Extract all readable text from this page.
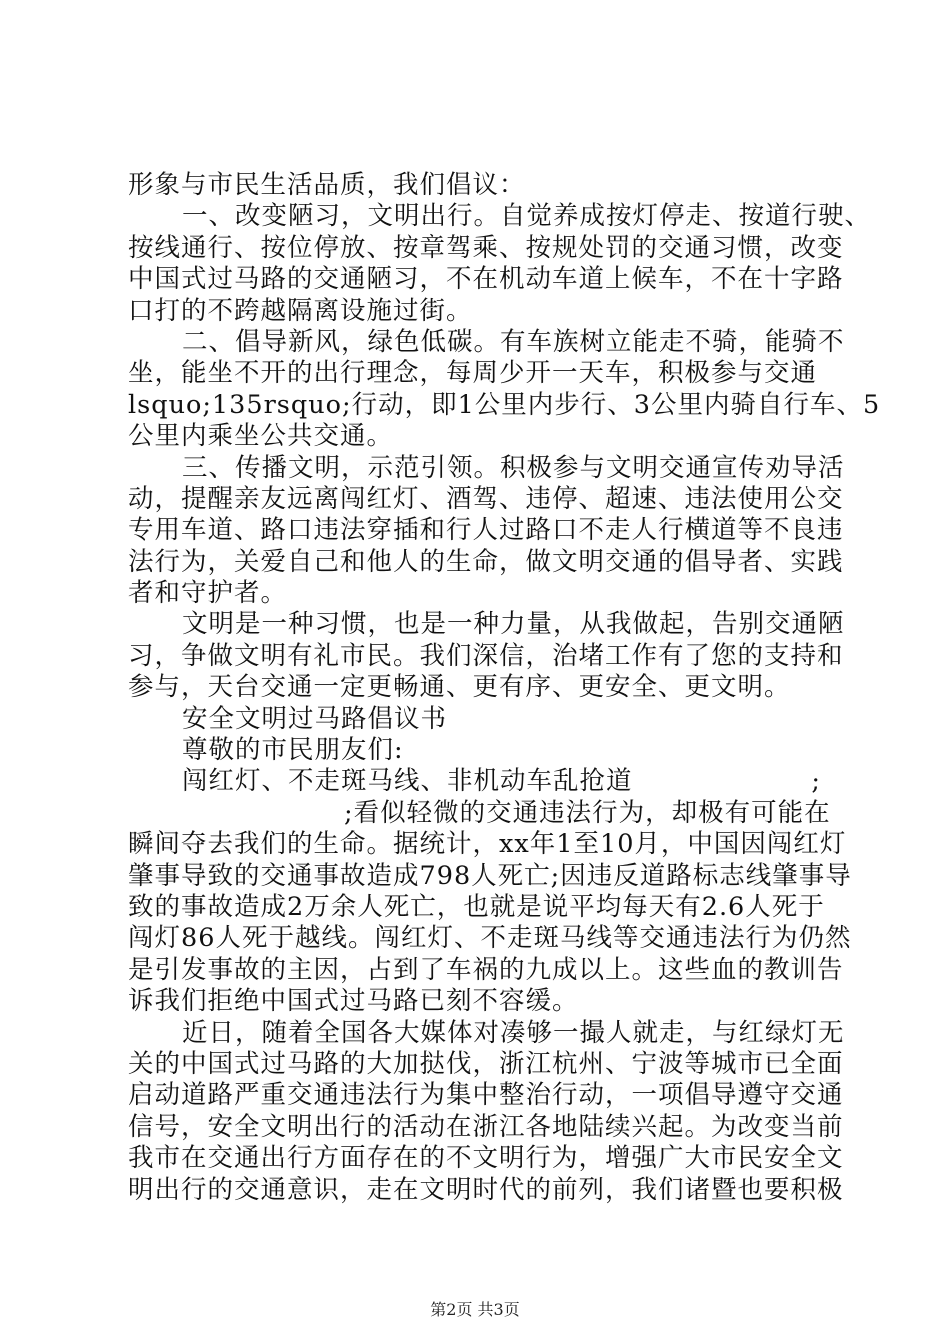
形象与市民生活品质，我们倡议：
一、改变陋习，文明出行。自觉养成按灯停走、按道行驶、
按线通行、按位停放、按章驾乘、按规处罚的交通习惯，改变
中国式过马路的交通陋习，不在机动车道上候车，不在十字路
口打的不跨越隔离设施过街。
二、倡导新风，绿色低碳。有车族树立能走不骑，能骑不
坐，能坐不开的出行理念，每周少开一天车，积极参与交通
lsquo;135rsquo;行动，即1公里内步行、3公里内骑自行车、5
公里内乘坐公共交通。
三、传播文明，示范引领。积极参与文明交通宣传劝导活
动，提醒亲友远离闯红灯、酒驾、违停、超速、违法使用公交
专用车道、路口违法穿插和行人过路口不走人行横道等不良违
法行为，关爱自己和他人的生命，做文明交通的倡导者、实践
者和守护者。
文明是一种习惯，也是一种力量，从我做起，告别交通陋
习，争做文明有礼市民。我们深信，治堵工作有了您的支持和
参与，天台交通一定更畅通、更有序、更安全、更文明。
安全文明过马路倡议书
尊敬的市民朋友们:
闯红灯、不走斑马线、非机动车乱抢道	;
;看似轻微的交通违法行为，却极有可能在
瞬间夺去我们的生命。据统计，xx年1至10月，中国因闯红灯
肇事导致的交通事故造成798人死亡;因违反道路标志线肇事导
致的事故造成2万余人死亡，也就是说平均每天有2.6人死于
闯灯86人死于越线。闯红灯、不走斑马线等交通违法行为仍然
是引发事故的主因，占到了车祸的九成以上。这些血的教训告
诉我们拒绝中国式过马路已刻不容缓。
近日，随着全国各大媒体对凑够一撮人就走，与红绿灯无
关的中国式过马路的大加挞伐，浙江杭州、宁波等城市已全面
启动道路严重交通违法行为集中整治行动，一项倡导遵守交通
信号，安全文明出行的活动在浙江各地陆续兴起。为改变当前
我市在交通出行方面存在的不文明行为，增强广大市民安全文
明出行的交通意识，走在文明时代的前列，我们诸暨也要积极
第2页 共3页
